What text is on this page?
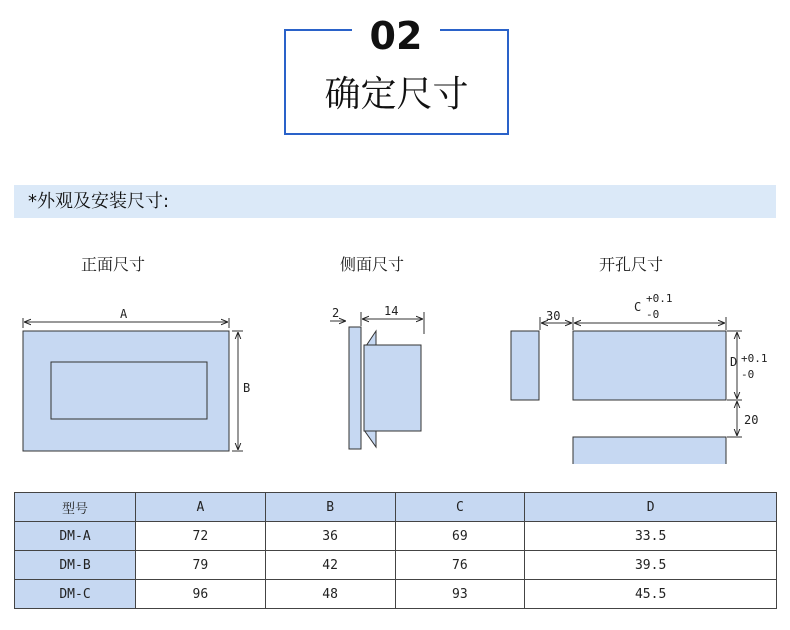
02
确定尺寸
*外观及安装尺寸:
正面尺寸	侧面尺寸	开孔尺寸
A
B
2	14	30
C
+0.1
-0
D +0.1
-0
20
型号	A	B	C	D
DM-A	72	36	69	33.5
DM-B	79	42	76	39.5
DM-C	96	48	93	45.5
